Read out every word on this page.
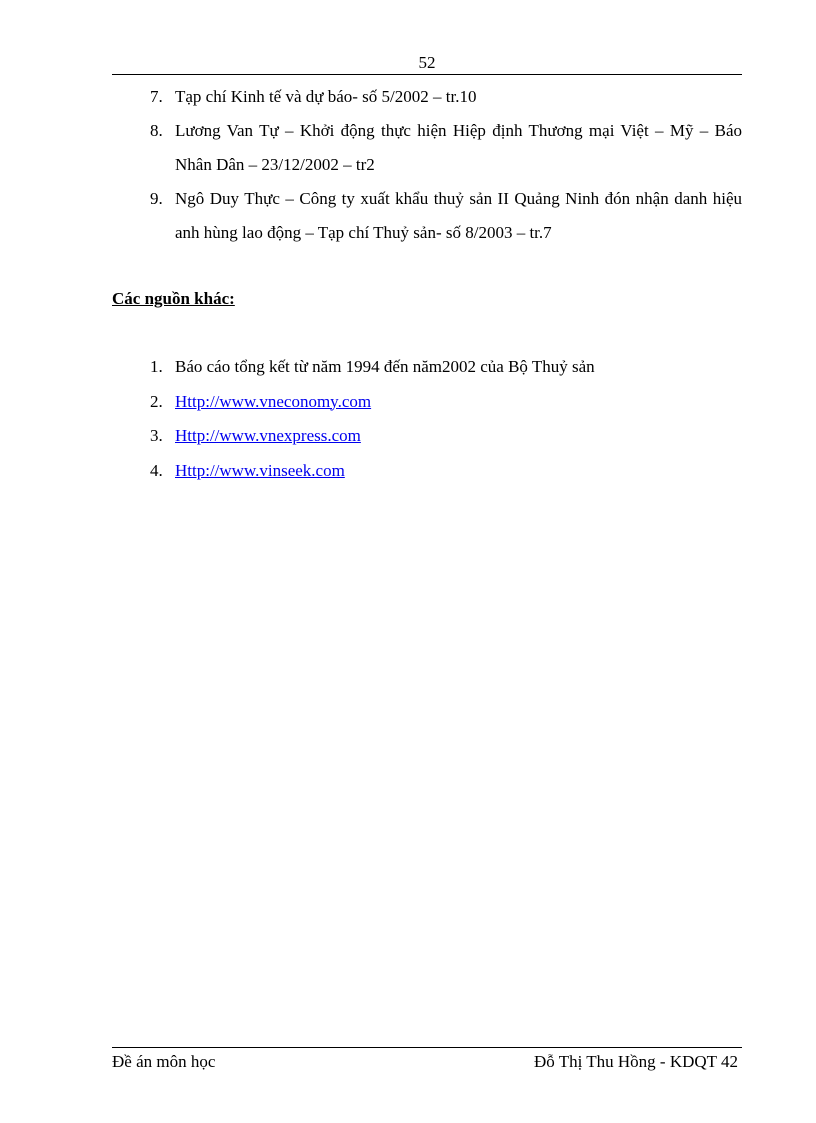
52
7. Tạp chí Kinh tế và dự báo- số 5/2002 – tr.10
8. Lương Van Tự – Khởi động thực hiện Hiệp định Thương mại Việt – Mỹ – Báo Nhân Dân – 23/12/2002 – tr2
9. Ngô Duy Thực – Công ty xuất khẩu thuỷ sản II Quảng Ninh đón nhận danh hiệu anh hùng lao động – Tạp chí Thuỷ sản- số 8/2003 – tr.7
Các nguồn khác:
1. Báo cáo tổng kết từ năm 1994 đến năm2002 của Bộ Thuỷ sản
2. Http://www.vneconomy.com
3. Http://www.vnexpress.com
4. Http://www.vinseek.com
Đề án môn học	Đỗ Thị Thu Hồng - KDQT 42
